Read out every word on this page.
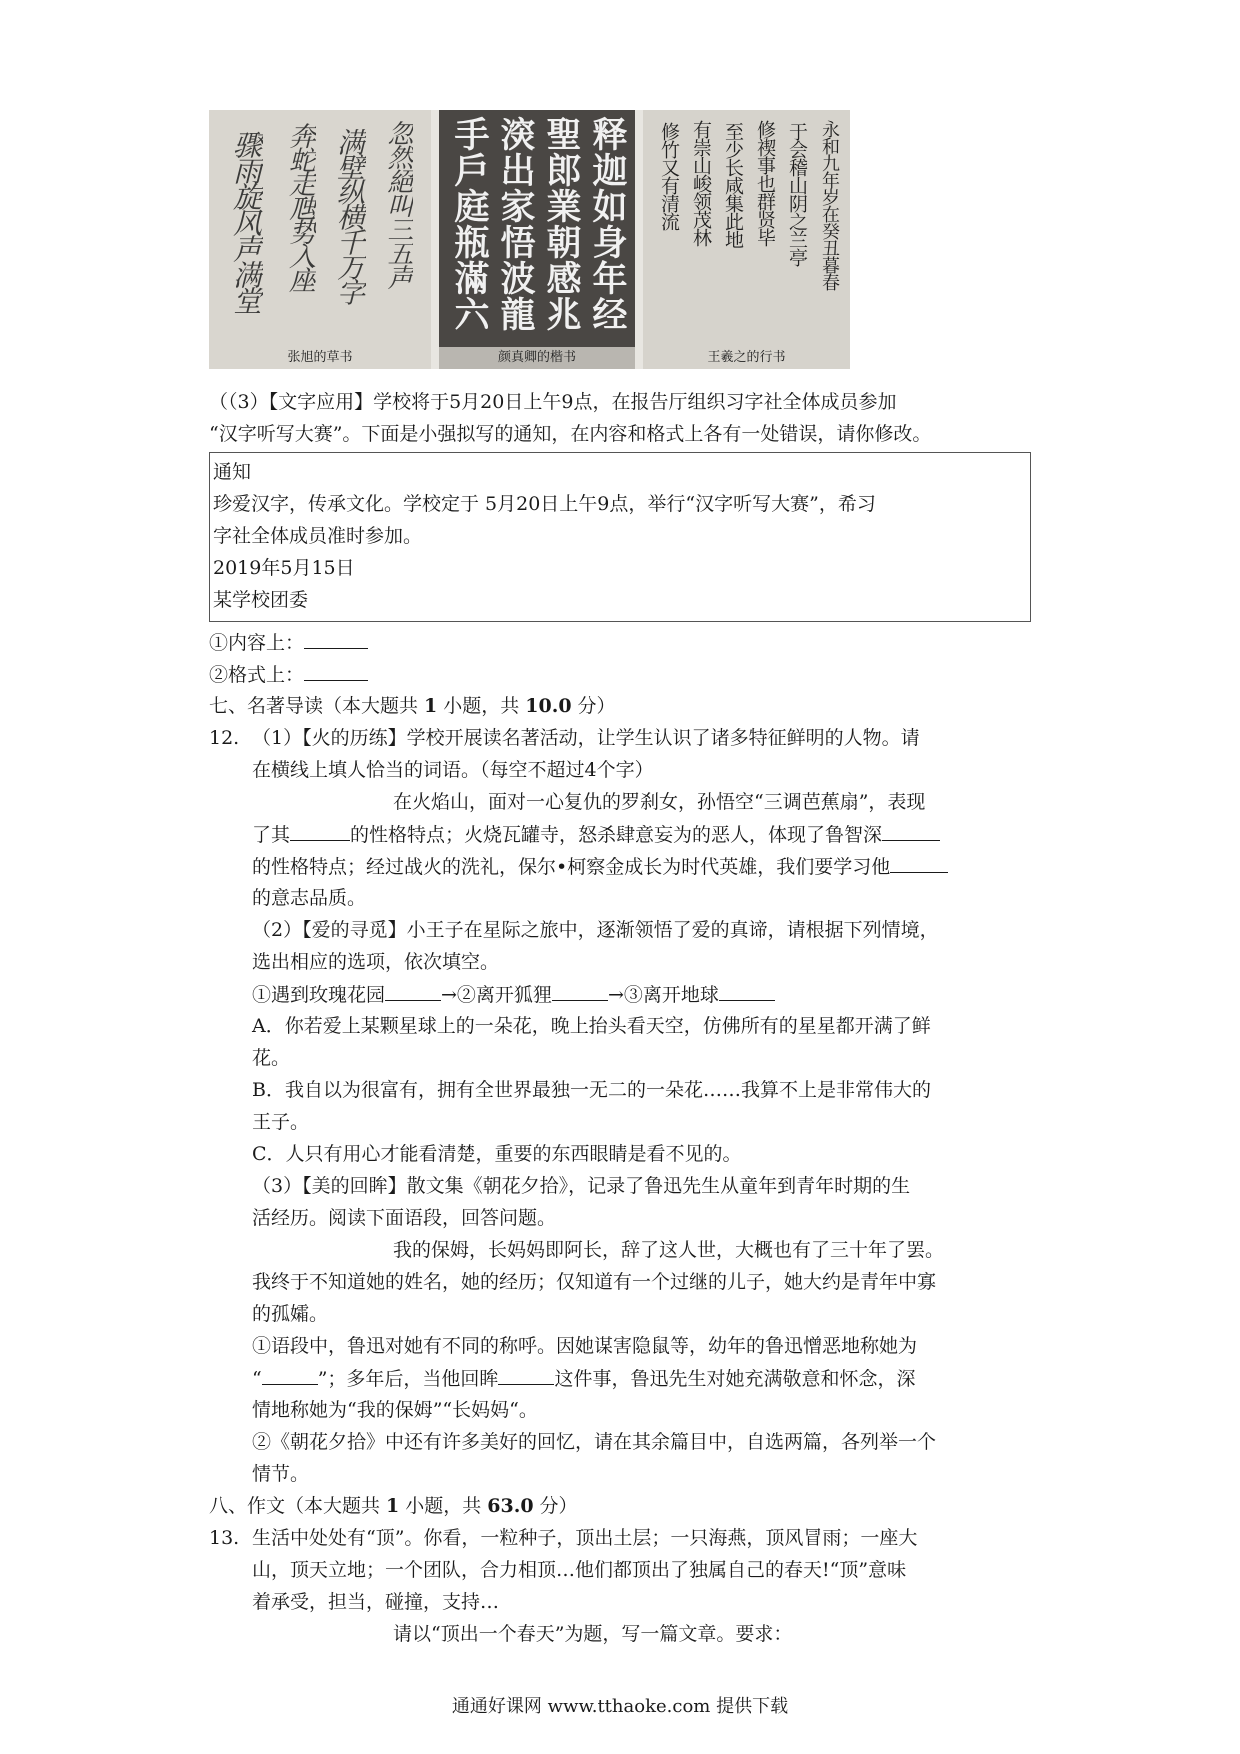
忽然絕叫三五声
满壁纵横千万字
奔蛇走虺势入座
骤雨旋风声满堂
张旭的草书
释迦如身年经
聖郎業朝感兆
㴱出家悟波龍
手戶庭瓶滿六
颜真卿的楷书
永和九年岁在癸丑暮春
于会稽山阴之兰亭
修禊事也群贤毕
至少长咸集此地
有崇山峻领茂林
修竹又有清流
王羲之的行书
（（3）【文字应用】学校将于5月20日上午9点，在报告厅组织习字社全体成员参加
“汉字听写大赛”。下面是小强拟写的通知，在内容和格式上各有一处错误，请你修改。
通知
珍爱汉字，传承文化。学校定于 5月20日上午9点，举行“汉字听写大赛”，希习
字社全体成员准时参加。
2019年5月15日
某学校团委
①内容上：
②格式上：
七、名著导读（本大题共 1 小题，共 10.0 分）
12. （1）【火的历练】学校开展读名著活动，让学生认识了诸多特征鲜明的人物。请
在横线上填人恰当的词语。（每空不超过4个字）
在火焰山，面对一心复仇的罗刹女，孙悟空“三调芭蕉扇”，表现
了其	的性格特点；火烧瓦罐寺，怒杀肆意妄为的恶人，体现了鲁智深
的性格特点；经过战火的洗礼，保尔•柯察金成长为时代英雄，我们要学习他
的意志品质。
（2）【爱的寻觅】小王子在星际之旅中，逐渐领悟了爱的真谛，请根据下列情境，
选出相应的选项，依次填空。
①遇到玫瑰花园	→②离开狐狸	→③离开地球
A．你若爱上某颗星球上的一朵花，晚上抬头看天空，仿佛所有的星星都开满了鲜
花。
B．我自以为很富有，拥有全世界最独一无二的一朵花……我算不上是非常伟大的
王子。
C．人只有用心才能看清楚，重要的东西眼睛是看不见的。
（3）【美的回眸】散文集《朝花夕拾》，记录了鲁迅先生从童年到青年时期的生
活经历。阅读下面语段，回答问题。
我的保姆，长妈妈即阿长，辞了这人世，大概也有了三十年了罢。
我终于不知道她的姓名，她的经历；仅知道有一个过继的儿子，她大约是青年中寡
的孤孀。
①语段中，鲁迅对她有不同的称呼。因她谋害隐鼠等，幼年的鲁迅憎恶地称她为
“	”；多年后，当他回眸	这件事，鲁迅先生对她充满敬意和怀念，深
情地称她为“我的保姆”“长妈妈“。
②《朝花夕拾》中还有许多美好的回忆，请在其余篇目中，自选两篇，各列举一个
情节。
八、作文（本大题共 1 小题，共 63.0 分）
13. 生活中处处有“顶”。你看，一粒种子，顶出土层；一只海燕，顶风冒雨；一座大
山，顶天立地；一个团队，合力相顶…他们都顶出了独属自己的春天!“顶”意味
着承受，担当，碰撞，支持…
请以“顶出一个春天”为题，写一篇文章。要求：
通通好课网 www.tthaoke.com 提供下载
